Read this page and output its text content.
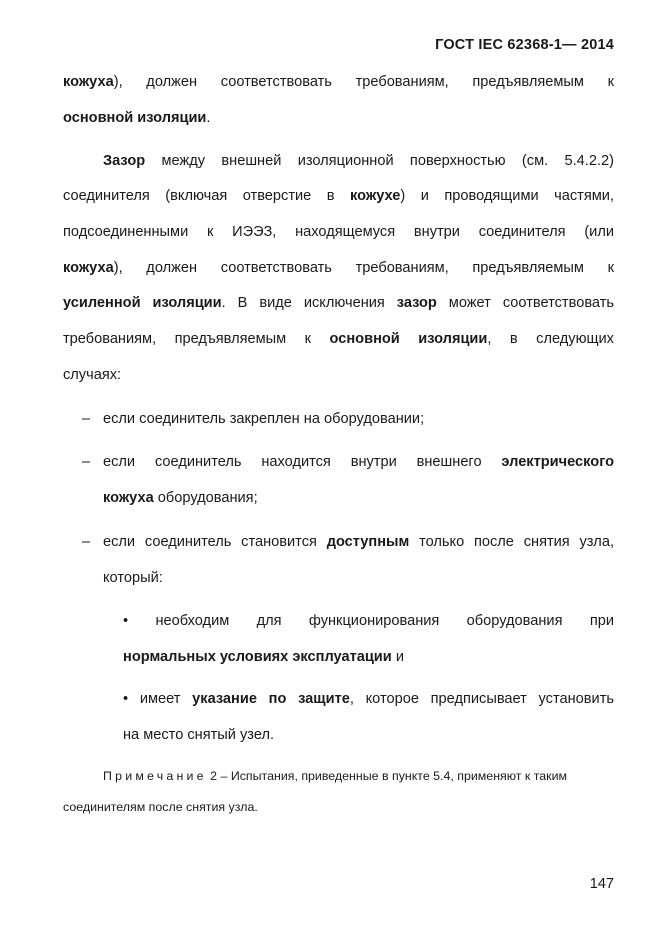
ГОСТ IEC 62368-1— 2014
кожуха), должен соответствовать требованиям, предъявляемым к
основной изоляции.
Зазор между внешней изоляционной поверхностью (см. 5.4.2.2)
соединителя (включая отверстие в кожухе) и проводящими частями,
подсоединенными к ИЭЭЗ, находящемуся внутри соединителя (или
кожуха), должен соответствовать требованиям, предъявляемым к
усиленной изоляции. В виде исключения зазор может соответствовать
требованиям, предъявляемым к основной изоляции, в следующих
случаях:
– если соединитель закреплен на оборудовании;
– если соединитель находится внутри внешнего электрического
кожуха оборудования;
– если соединитель становится доступным только после снятия узла,
который:
• необходим для функционирования оборудования при
нормальных условиях эксплуатации и
• имеет указание по защите, которое предписывает установить
на место снятый узел.
Примечание 2 – Испытания, приведенные в пункте 5.4, применяют к таким
соединителям после снятия узла.
147
